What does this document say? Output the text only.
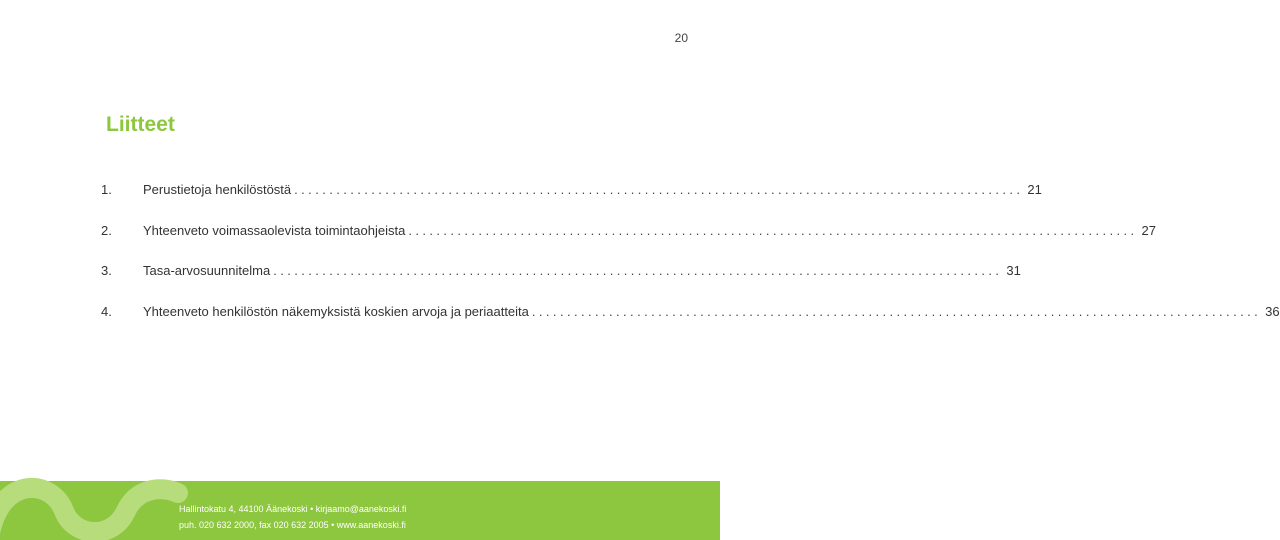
20
Liitteet
1. Perustietoja henkilöstöstä ........................................................................................................ 21
2. Yhteenveto voimassaolevista toimintaohjeista ........................................................................................................ 27
3. Tasa-arvosuunnitelma ........................................................................................................ 31
4. Yhteenveto henkilöstön näkemyksistä koskien arvoja ja periaatteita ........................................................................................................ 36
Hallintokatu 4, 44100 Äänekoski • kirjaamo@aanekoski.fi
puh. 020 632 2000, fax 020 632 2005 • www.aanekoski.fi
